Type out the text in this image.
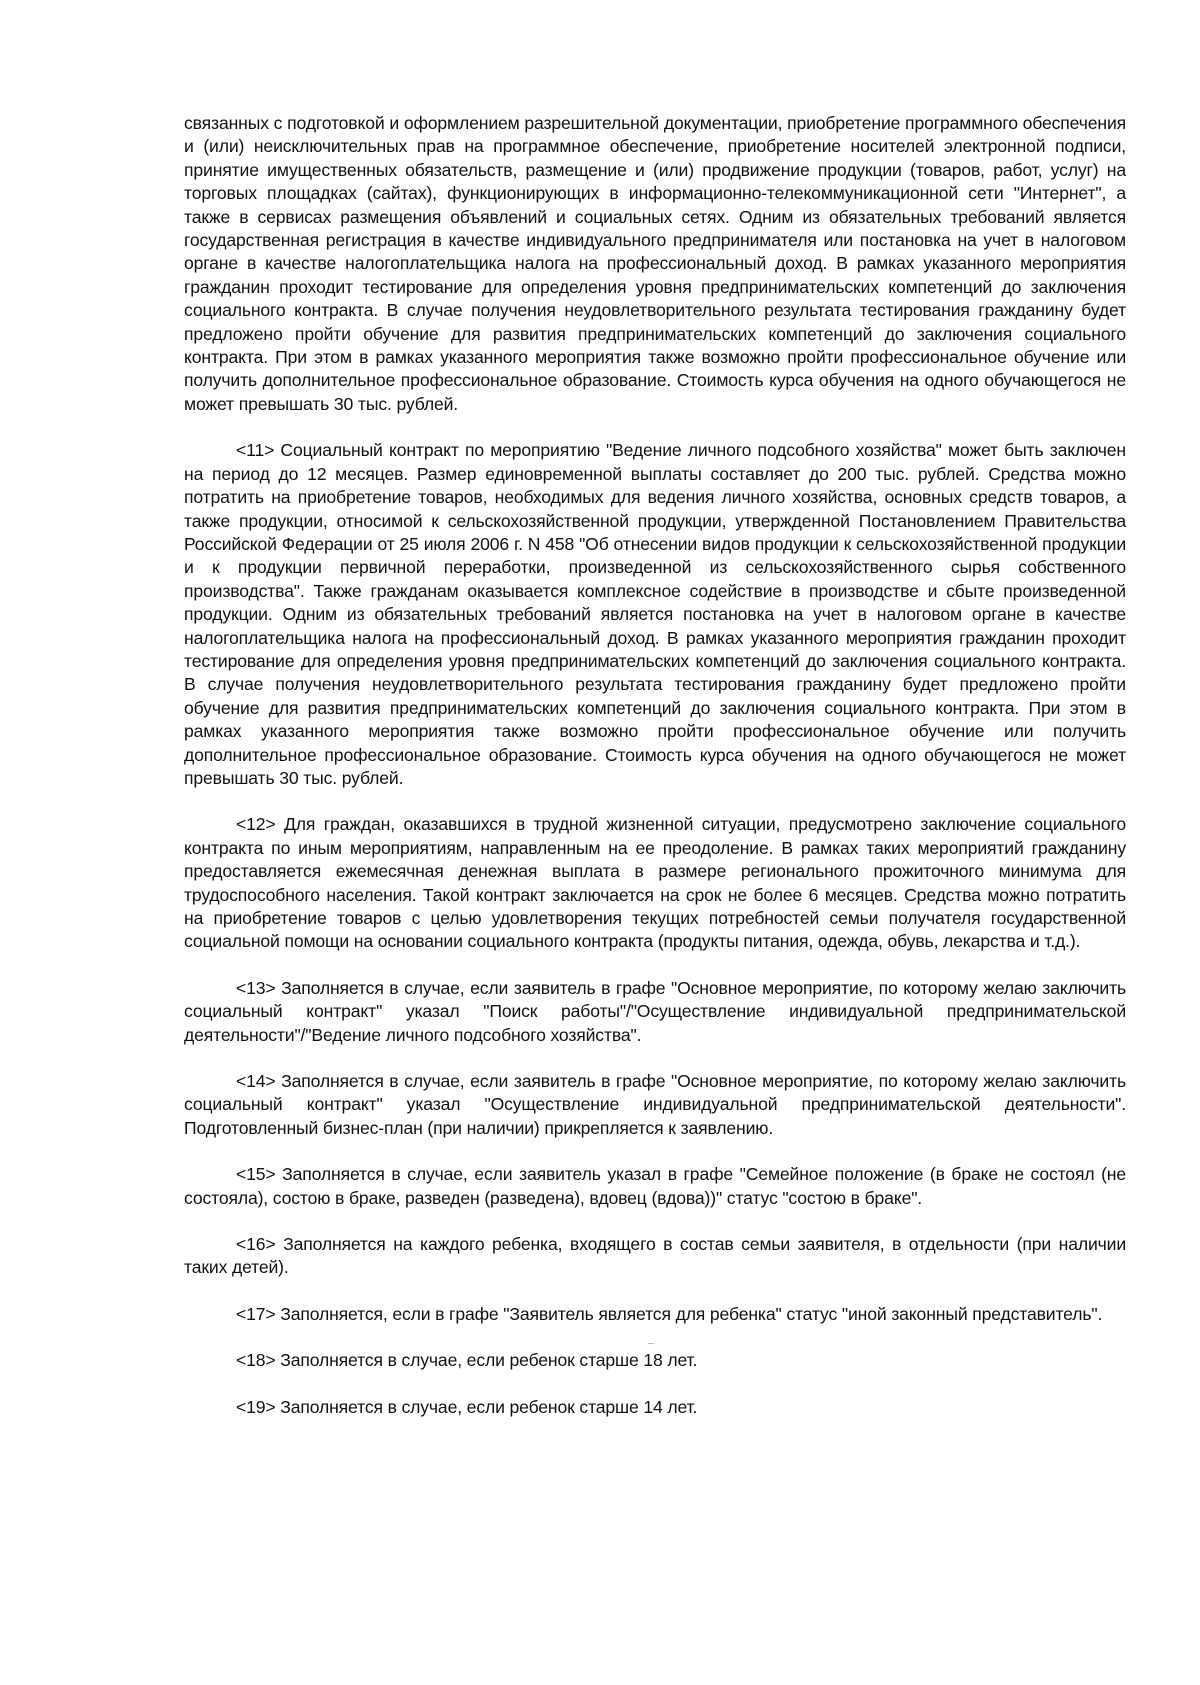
связанных с подготовкой и оформлением разрешительной документации, приобретение программного обеспечения и (или) неисключительных прав на программное обеспечение, приобретение носителей электронной подписи, принятие имущественных обязательств, размещение и (или) продвижение продукции (товаров, работ, услуг) на торговых площадках (сайтах), функционирующих в информационно-телекоммуникационной сети "Интернет", а также в сервисах размещения объявлений и социальных сетях. Одним из обязательных требований является государственная регистрация в качестве индивидуального предпринимателя или постановка на учет в налоговом органе в качестве налогоплательщика налога на профессиональный доход. В рамках указанного мероприятия гражданин проходит тестирование для определения уровня предпринимательских компетенций до заключения социального контракта. В случае получения неудовлетворительного результата тестирования гражданину будет предложено пройти обучение для развития предпринимательских компетенций до заключения социального контракта. При этом в рамках указанного мероприятия также возможно пройти профессиональное обучение или получить дополнительное профессиональное образование. Стоимость курса обучения на одного обучающегося не может превышать 30 тыс. рублей.

<11> Социальный контракт по мероприятию "Ведение личного подсобного хозяйства" может быть заключен на период до 12 месяцев. Размер единовременной выплаты составляет до 200 тыс. рублей. Средства можно потратить на приобретение товаров, необходимых для ведения личного хозяйства, основных средств товаров, а также продукции, относимой к сельскохозяйственной продукции, утвержденной Постановлением Правительства Российской Федерации от 25 июля 2006 г. N 458 "Об отнесении видов продукции к сельскохозяйственной продукции и к продукции первичной переработки, произведенной из сельскохозяйственного сырья собственного производства". Также гражданам оказывается комплексное содействие в производстве и сбыте произведенной продукции. Одним из обязательных требований является постановка на учет в налоговом органе в качестве налогоплательщика налога на профессиональный доход. В рамках указанного мероприятия гражданин проходит тестирование для определения уровня предпринимательских компетенций до заключения социального контракта. В случае получения неудовлетворительного результата тестирования гражданину будет предложено пройти обучение для развития предпринимательских компетенций до заключения социального контракта. При этом в рамках указанного мероприятия также возможно пройти профессиональное обучение или получить дополнительное профессиональное образование. Стоимость курса обучения на одного обучающегося не может превышать 30 тыс. рублей.

<12> Для граждан, оказавшихся в трудной жизненной ситуации, предусмотрено заключение социального контракта по иным мероприятиям, направленным на ее преодоление. В рамках таких мероприятий гражданину предоставляется ежемесячная денежная выплата в размере регионального прожиточного минимума для трудоспособного населения. Такой контракт заключается на срок не более 6 месяцев. Средства можно потратить на приобретение товаров с целью удовлетворения текущих потребностей семьи получателя государственной социальной помощи на основании социального контракта (продукты питания, одежда, обувь, лекарства и т.д.).

<13> Заполняется в случае, если заявитель в графе "Основное мероприятие, по которому желаю заключить социальный контракт" указал "Поиск работы"/"Осуществление индивидуальной предпринимательской деятельности"/"Ведение личного подсобного хозяйства".

<14> Заполняется в случае, если заявитель в графе "Основное мероприятие, по которому желаю заключить социальный контракт" указал "Осуществление индивидуальной предпринимательской деятельности". Подготовленный бизнес-план (при наличии) прикрепляется к заявлению.

<15> Заполняется в случае, если заявитель указал в графе "Семейное положение (в браке не состоял (не состояла), состою в браке, разведен (разведена), вдовец (вдова))" статус "состою в браке".

<16> Заполняется на каждого ребенка, входящего в состав семьи заявителя, в отдельности (при наличии таких детей).

<17> Заполняется, если в графе "Заявитель является для ребенка" статус "иной законный представитель".

<18> Заполняется в случае, если ребенок старше 18 лет.

<19> Заполняется в случае, если ребенок старше 14 лет.
